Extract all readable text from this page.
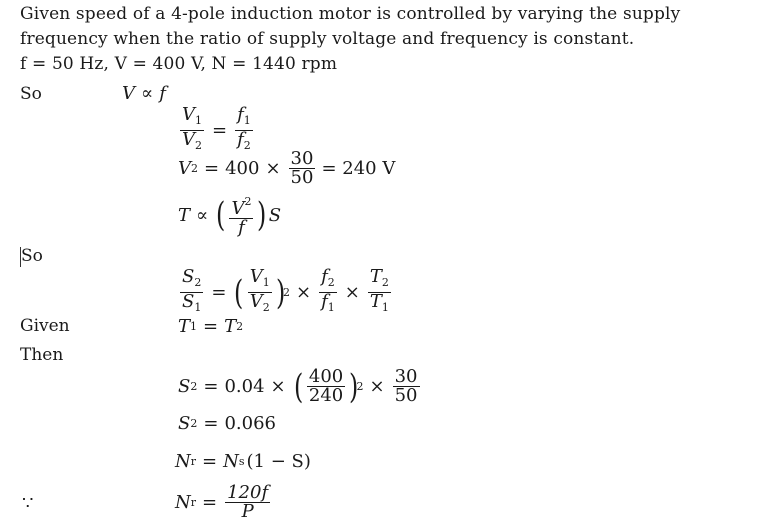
Given speed of a 4-pole induction motor is controlled by varying the supply
frequency when the ratio of supply voltage and frequency is constant.
f = 50 Hz, V = 400 V, N = 1440 rpm
So	V ∝ f
$\frac{V_1}{V_2} = \frac{f_1}{f_2}$
V $2 = 400 \times \frac{30}{50} = 240$ V
T ∝ ( $\frac{V^2}{f}$ ) S
So
$\frac{S_2}{S_1}$ = ( $\frac{V_1}{V_2}$ )
$2 \times \frac{f_2}{f_1} \times \frac{T_2}{T_1}$
Given	T 1 = T 2
Then
S 2 = 0.04 × ( $\frac{400}{240}$ )
$2 \times \frac{30}{50}$
S 2 = 0.066
N r = N s (1 − S)
∵	N $r = \frac{120f}{P}$
